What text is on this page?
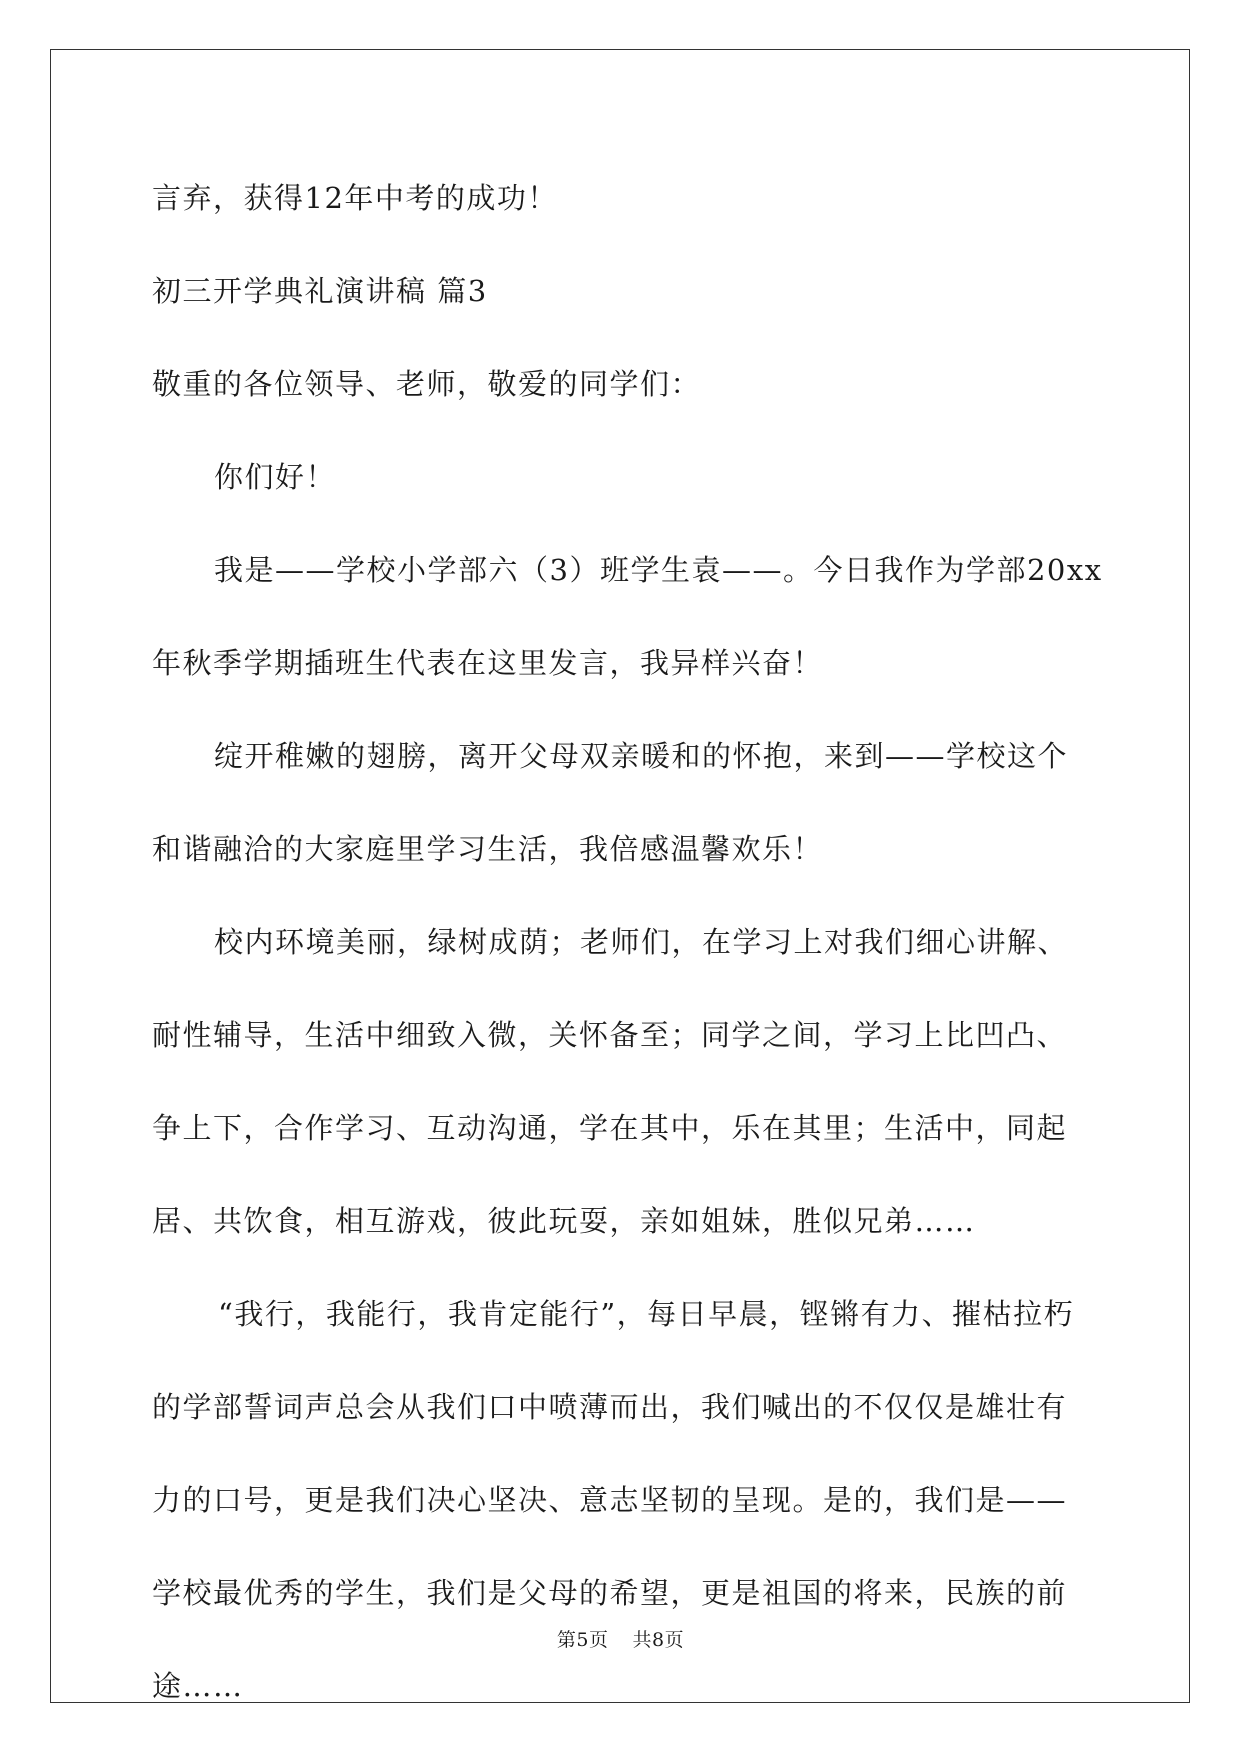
言弃，获得12年中考的成功！
初三开学典礼演讲稿 篇3
敬重的各位领导、老师，敬爱的同学们：
你们好！
我是——学校小学部六（3）班学生袁——。今日我作为学部20xx
年秋季学期插班生代表在这里发言，我异样兴奋！
绽开稚嫩的翅膀，离开父母双亲暖和的怀抱，来到——学校这个
和谐融洽的大家庭里学习生活，我倍感温馨欢乐！
校内环境美丽，绿树成荫；老师们，在学习上对我们细心讲解、
耐性辅导，生活中细致入微，关怀备至；同学之间，学习上比凹凸、
争上下，合作学习、互动沟通，学在其中，乐在其里；生活中，同起
居、共饮食，相互游戏，彼此玩耍，亲如姐妹，胜似兄弟……
“我行，我能行，我肯定能行”，每日早晨，铿锵有力、摧枯拉朽
的学部誓词声总会从我们口中喷薄而出，我们喊出的不仅仅是雄壮有
力的口号，更是我们决心坚决、意志坚韧的呈现。是的，我们是——
学校最优秀的学生，我们是父母的希望，更是祖国的将来，民族的前
途……
第5页 共8页
